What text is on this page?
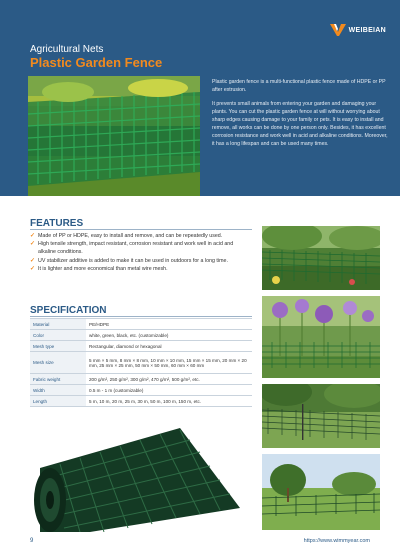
WEIBEIAN
Agricultural Nets
Plastic Garden Fence

Plastic garden fence is a multi-functional plastic fence made of HDPE or PP after extrusion.

It prevents small animals from entering your garden and damaging your plants. You can cut the plastic garden fence at will without worrying about sharp edges causing damage to your family or pets. It is easy to install and remove, all works can be done by one person only. Besides, it has excellent corrosion resistance and work well in acid and alkaline conditions. Moreover, it has a long lifespan and can be used many times.

FEATURES
✓ Made of PP or HDPE, easy to install and remove, and can be repeatedly used.
✓ High tensile strength, impact resistant, corrosion resistant and work well in acid and alkaline conditions.
✓ UV stabilizer additive is added to make it can be used in outdoors for a long time.
✓ It is lighter and more economical than metal wire mesh.
SPECIFICATION
Material	PE/HDPE
Color	white, green, black, etc. (customizable)
Mesh type	Rectangular, diamond or hexagonal
Mesh size	5 mm × 5 mm, 8 mm × 8 mm, 10 mm × 10 mm, 15 mm × 15 mm, 20 mm × 20 mm, 25 mm × 25 mm, 50 mm × 50 mm, 60 mm × 60 mm
Fabric weight	200 g/m², 250 g/m², 300 g/m², 470 g/m², 500 g/m², etc.
Width	0.5 m - 1 m (customizable)
Length	5 m, 10 m, 20 m, 25 m, 30 m, 50 m, 100 m, 150 m, etc.
9	https://www.wimmyear.com
